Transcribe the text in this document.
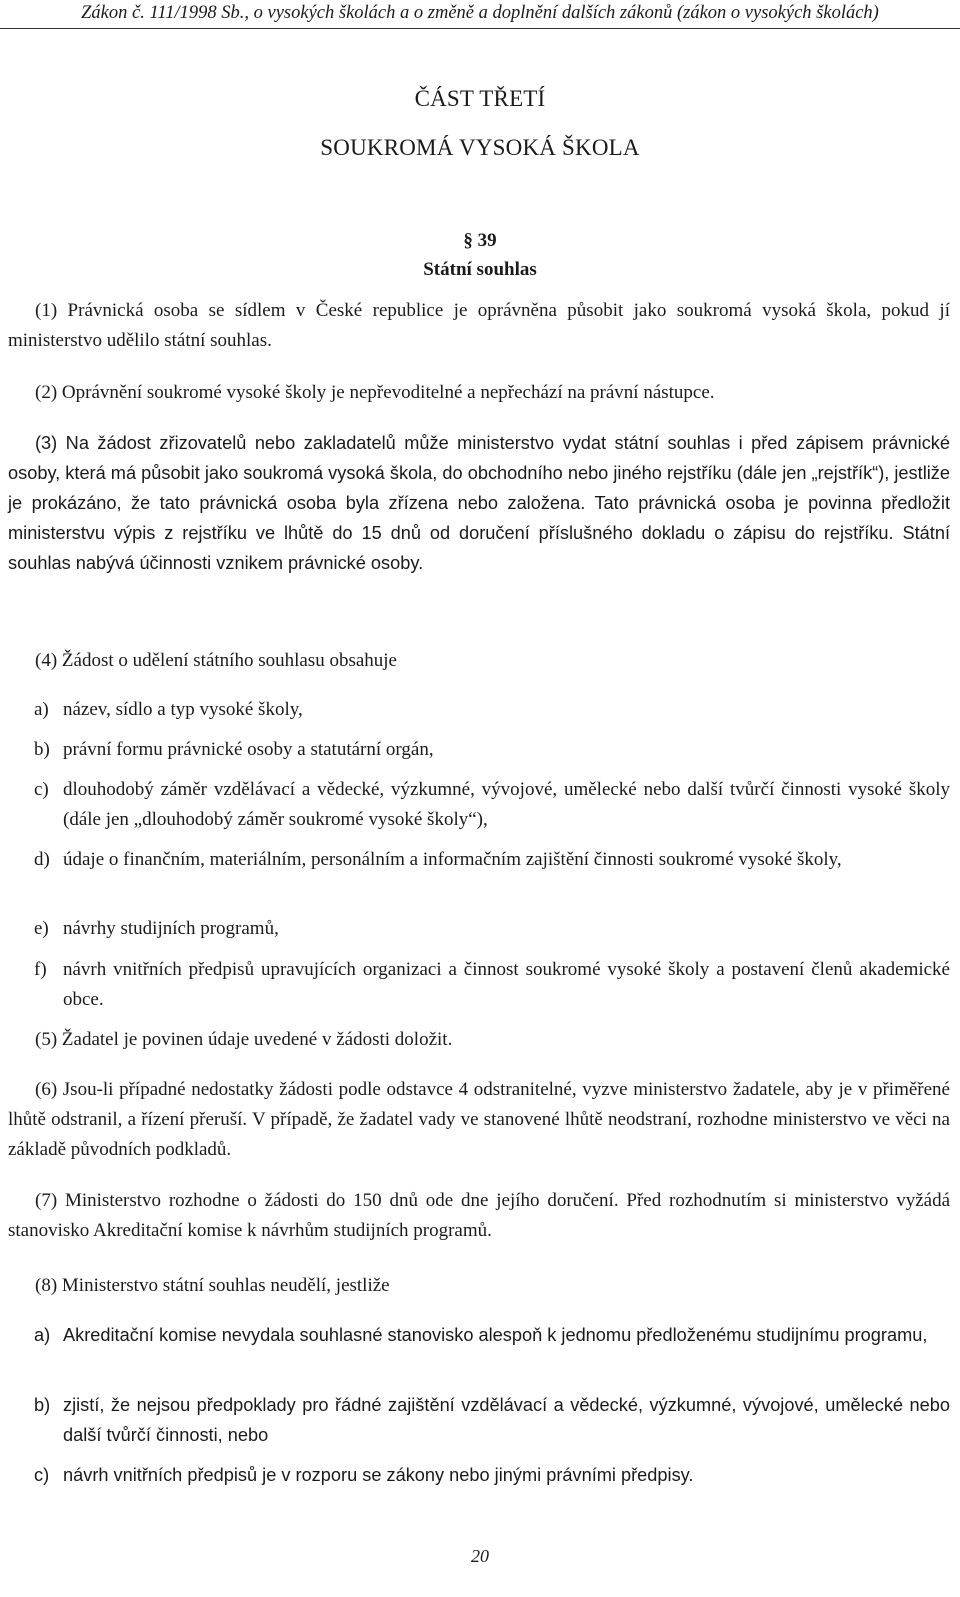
Zákon č. 111/1998 Sb., o vysokých školách a o změně a doplnění dalších zákonů (zákon o vysokých školách)
ČÁST TŘETÍ
SOUKROMÁ VYSOKÁ ŠKOLA
§ 39
Státní souhlas
(1) Právnická osoba se sídlem v České republice je oprávněna působit jako soukromá vysoká škola, pokud jí ministerstvo udělilo státní souhlas.
(2) Oprávnění soukromé vysoké školy je nepřevoditelné a nepřechází na právní nástupce.
(3) Na žádost zřizovatelů nebo zakladatelů může ministerstvo vydat státní souhlas i před zápisem právnické osoby, která má působit jako soukromá vysoká škola, do obchodního nebo jiného rejstříku (dále jen „rejstřík“), jestliže je prokázáno, že tato právnická osoba byla zřízena nebo založena. Tato právnická osoba je povinna předložit ministerstvu výpis z rejstříku ve lhůtě do 15 dnů od doručení příslušného dokladu o zápisu do rejstříku. Státní souhlas nabývá účinnosti vznikem právnické osoby.
(4) Žádost o udělení státního souhlasu obsahuje
a) název, sídlo a typ vysoké školy,
b) právní formu právnické osoby a statutární orgán,
c) dlouhodobý záměr vzdělávací a vědecké, výzkumné, vývojové, umělecké nebo další tvůrčí činnosti vysoké školy (dále jen „dlouhodobý záměr soukromé vysoké školy“),
d) údaje o finančním, materiálním, personálním a informačním zajištění činnosti soukromé vysoké školy,
e) návrhy studijních programů,
f) návrh vnitřních předpisů upravujících organizaci a činnost soukromé vysoké školy a postavení členů akademické obce.
(5) Žadatel je povinen údaje uvedené v žádosti doložit.
(6) Jsou-li případné nedostatky žádosti podle odstavce 4 odstranitelné, vyzve ministerstvo žadatele, aby je v přiměřené lhůtě odstranil, a řízení přeruší. V případě, že žadatel vady ve stanovené lhůtě neodstraní, rozhodne ministerstvo ve věci na základě původních podkladů.
(7) Ministerstvo rozhodne o žádosti do 150 dnů ode dne jejího doručení. Před rozhodnutím si ministerstvo vyžádá stanovisko Akreditační komise k návrhům studijních programů.
(8) Ministerstvo státní souhlas neudělí, jestliže
a) Akreditační komise nevydala souhlasné stanovisko alespoň k jednomu předloženému studijnímu programu,
b) zjistí, že nejsou předpoklady pro řádné zajištění vzdělávací a vědecké, výzkumné, vývojové, umělecké nebo další tvůrčí činnosti, nebo
c) návrh vnitřních předpisů je v rozporu se zákony nebo jinými právními předpisy.
20
